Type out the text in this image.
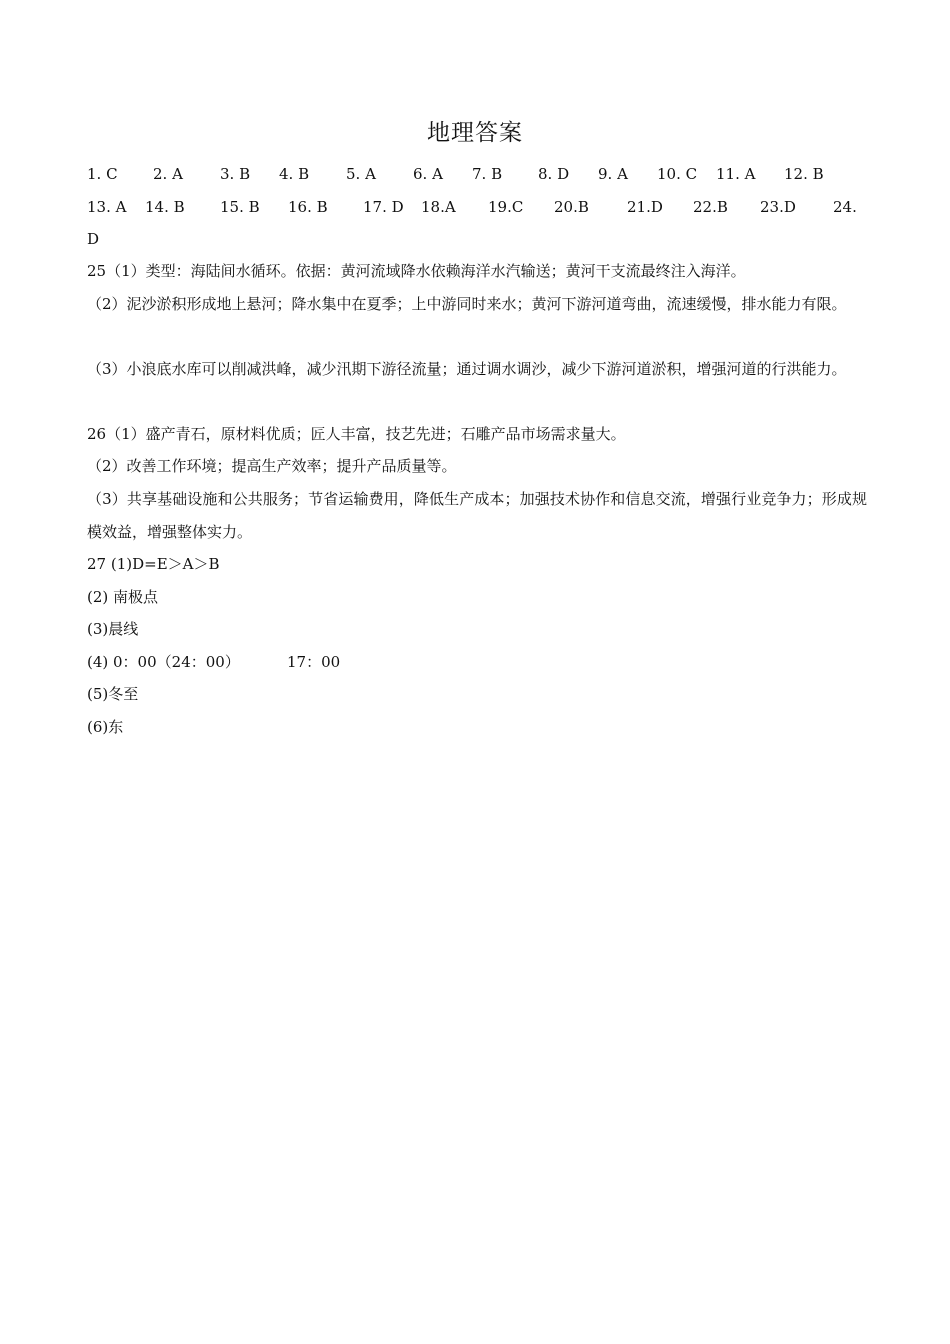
地理答案
1. C 2. A 3. B 4. B 5. A 6. A 7. B 8. D 9. A 10. C 11. A 12. B
13. A 14. B 15. B 16. B 17. D 18.A 19.C 20.B	21.D 22.B 23.D 24.
D
25（1）类型：海陆间水循环。依据：黄河流域降水依赖海洋水汽输送；黄河干支流最终注入海洋。
（2）泥沙淤积形成地上悬河；降水集中在夏季；上中游同时来水；黄河下游河道弯曲，流速缓慢，排水能力有限。
（3）小浪底水库可以削减洪峰，减少汛期下游径流量；通过调水调沙，减少下游河道淤积，增强河道的行洪能力。
26（1）盛产青石，原材料优质；匠人丰富，技艺先进；石雕产品市场需求量大。
（2）改善工作环境；提高生产效率；提升产品质量等。
（3）共享基础设施和公共服务；节省运输费用，降低生产成本；加强技术协作和信息交流，增强行业竞争力；形成规模效益，增强整体实力。
27 (1)D=E＞A＞B
(2) 南极点
(3)晨线
(4) 0：00（24：00）	17：00
(5)冬至
(6)东
